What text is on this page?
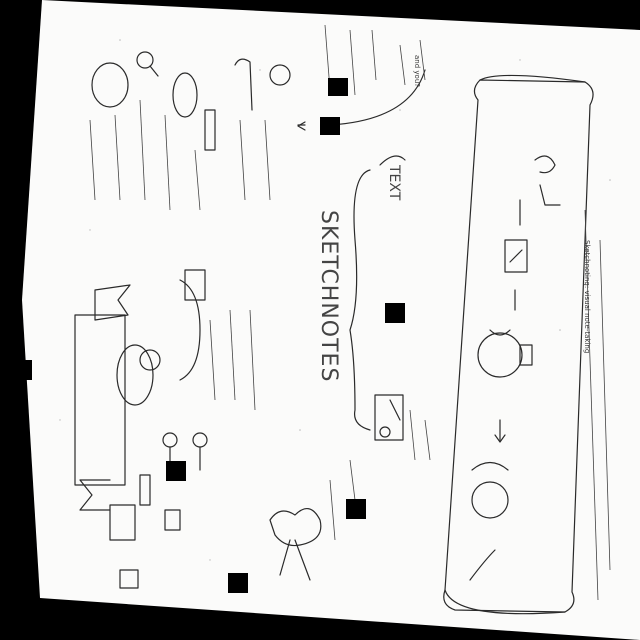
SKETCHNOTES
TEXT
and you?
Sketchnoting: visual note-taking
